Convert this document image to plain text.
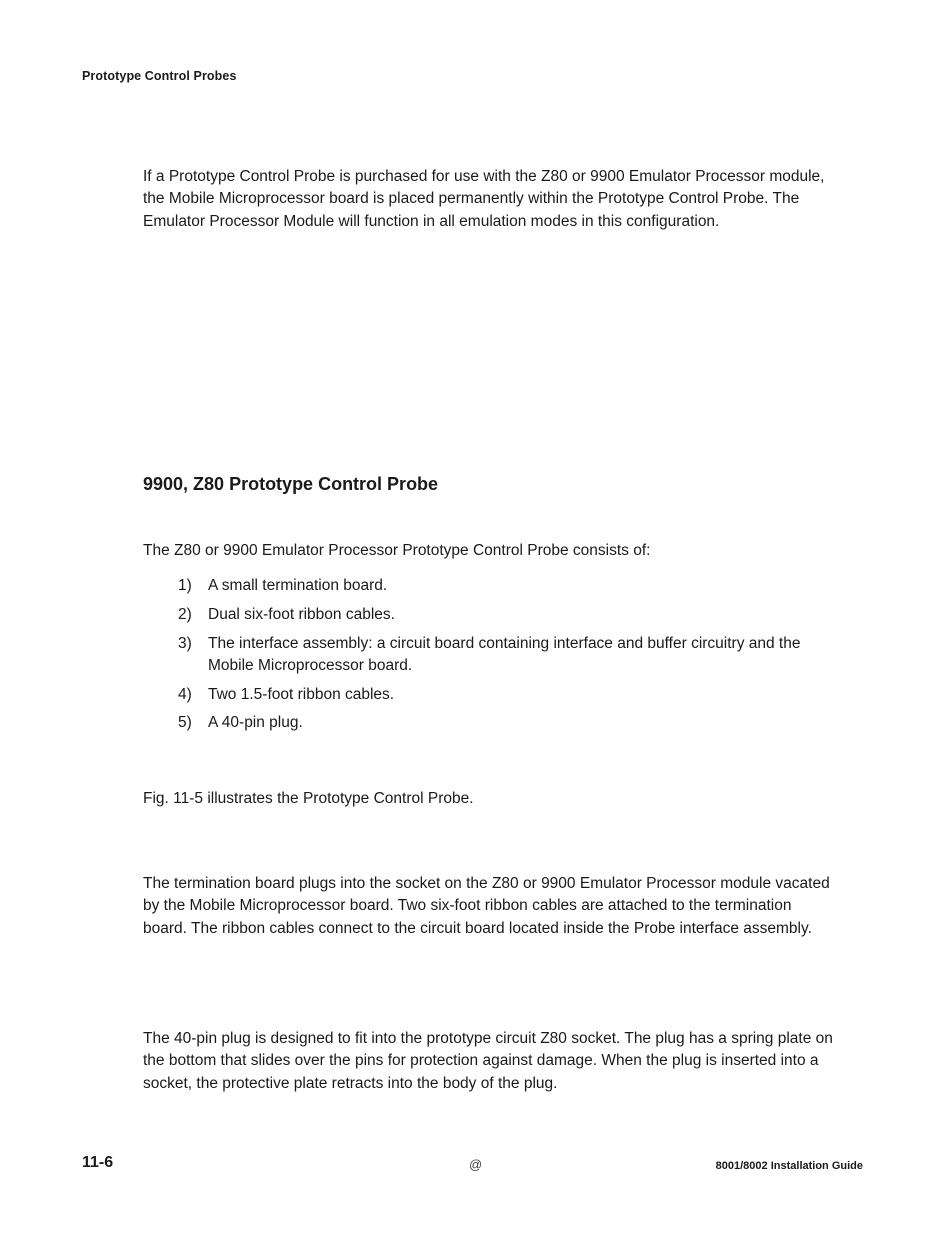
Prototype Control Probes

If a Prototype Control Probe is purchased for use with the Z80 or 9900 Emulator Processor module, the Mobile Microprocessor board is placed permanently within the Prototype Control Probe. The Emulator Processor Module will function in all emulation modes in this configuration.

9900, Z80 Prototype Control Probe

The Z80 or 9900 Emulator Processor Prototype Control Probe consists of:

1)	A small termination board.
2)	Dual six-foot ribbon cables.
3)	The interface assembly: a circuit board containing interface and buffer circuitry and the Mobile Microprocessor board.
4)	Two 1.5-foot ribbon cables.
5)	A 40-pin plug.

Fig. 11-5 illustrates the Prototype Control Probe.

The termination board plugs into the socket on the Z80 or 9900 Emulator Processor module vacated by the Mobile Microprocessor board. Two six-foot ribbon cables are attached to the termination board. The ribbon cables connect to the circuit board located inside the Probe interface assembly.

The 40-pin plug is designed to fit into the prototype circuit Z80 socket. The plug has a spring plate on the bottom that slides over the pins for protection against damage. When the plug is inserted into a socket, the protective plate retracts into the body of the plug.

11-6	@	8001/8002 Installation Guide
